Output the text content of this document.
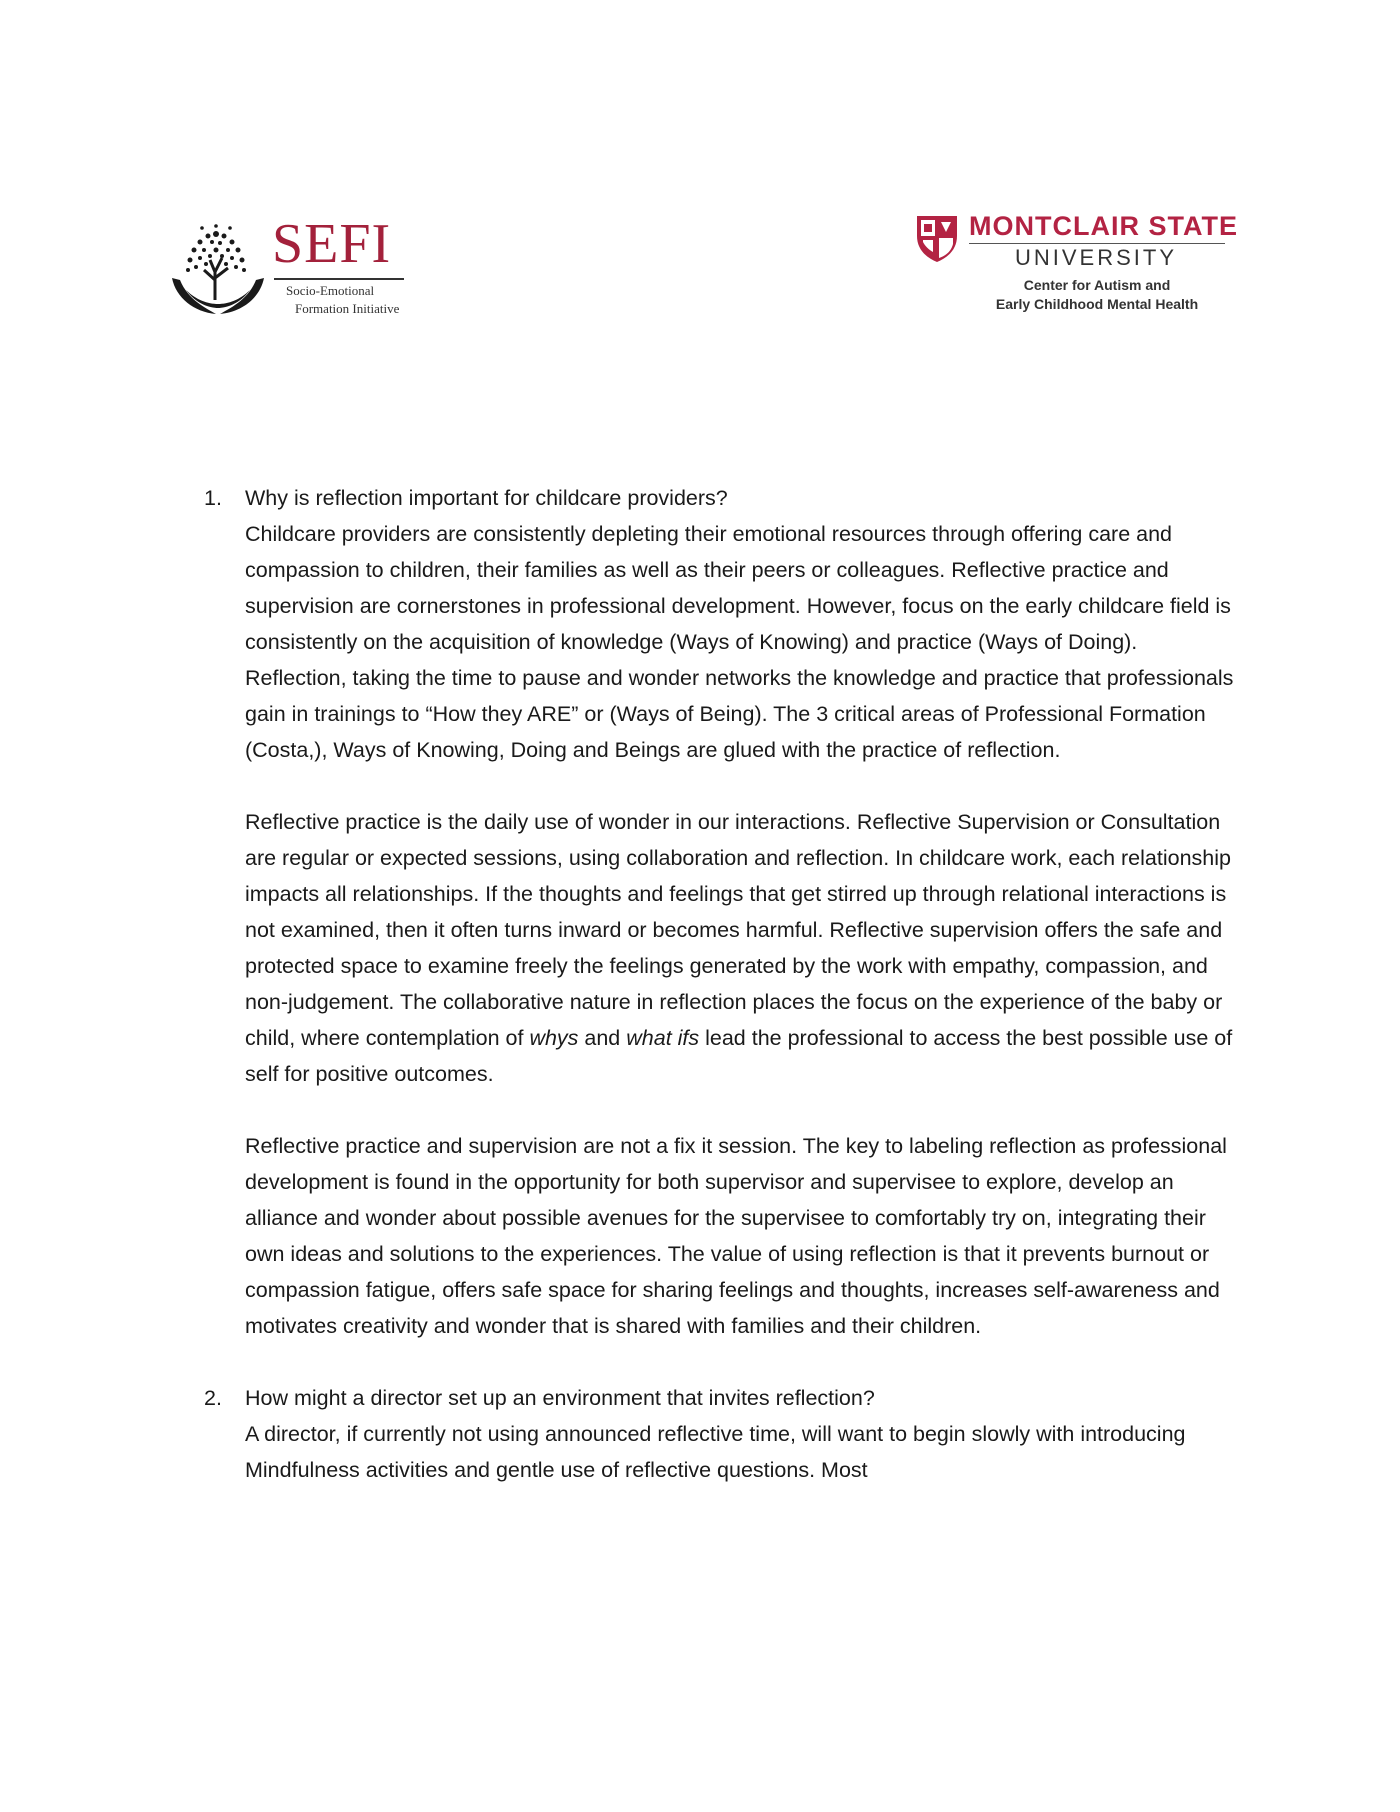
SEFI
Socio-Emotional
Formation Initiative
MONTCLAIR STATE
UNIVERSITY
Center for Autism and
Early Childhood Mental Health
1. Why is reflection important for childcare providers?

Childcare providers are consistently depleting their emotional resources through offering care and compassion to children, their families as well as their peers or colleagues. Reflective practice and supervision are cornerstones in professional development. However, focus on the early childcare field is consistently on the acquisition of knowledge (Ways of Knowing) and practice (Ways of Doing). Reflection, taking the time to pause and wonder networks the knowledge and practice that professionals gain in trainings to “How they ARE” or (Ways of Being). The 3 critical areas of Professional Formation (Costa,), Ways of Knowing, Doing and Beings are glued with the practice of reflection.

Reflective practice is the daily use of wonder in our interactions. Reflective Supervision or Consultation are regular or expected sessions, using collaboration and reflection. In childcare work, each relationship impacts all relationships. If the thoughts and feelings that get stirred up through relational interactions is not examined, then it often turns inward or becomes harmful. Reflective supervision offers the safe and protected space to examine freely the feelings generated by the work with empathy, compassion, and non-judgement. The collaborative nature in reflection places the focus on the experience of the baby or child, where contemplation of whys and what ifs lead the professional to access the best possible use of self for positive outcomes.

Reflective practice and supervision are not a fix it session. The key to labeling reflection as professional development is found in the opportunity for both supervisor and supervisee to explore, develop an alliance and wonder about possible avenues for the supervisee to comfortably try on, integrating their own ideas and solutions to the experiences. The value of using reflection is that it prevents burnout or compassion fatigue, offers safe space for sharing feelings and thoughts, increases self-awareness and motivates creativity and wonder that is shared with families and their children.

2. How might a director set up an environment that invites reflection?

A director, if currently not using announced reflective time, will want to begin slowly with introducing Mindfulness activities and gentle use of reflective questions. Most
